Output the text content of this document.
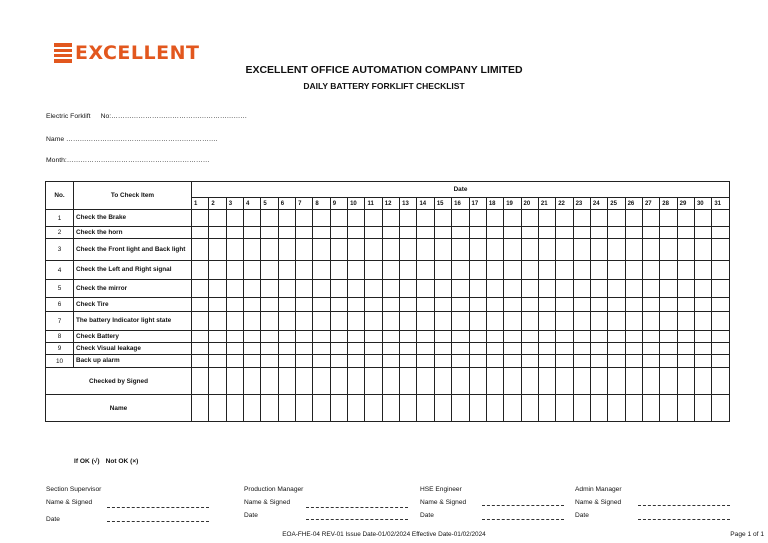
EXCELLENT
EXCELLENT OFFICE AUTOMATION COMPANY LIMITED
DAILY BATTERY FORKLIFT CHECKLIST
Electric Forklift No:……………………………………………………
Name ………………………………………………………….
Month:………………………………………………………
No.	To Check Item	Date																														
		1	2	3	4	5	6	7	8	9	10	11	12	13	14	15	16	17	18	19	20	21	22	23	24	25	26	27	28	29	30	31
1	Check the Brake																															
2	Check the horn																															
3	Check the Front light and Back light																															
4	Check the Left and Right signal																															
5	Check the mirror																															
6	Check Tire																															
7	The battery Indicator light state																															
8	Check Battery																															
9	Check Visual leakage																															
10	Back up alarm																															
Checked by Signed																																
Name																																
If OK (√) Not OK (×)
Section Supervisor
Name & Signed
Date
Production Manager
Name & Signed
Date
HSE Engineer
Name & Signed
Date
Admin Manager
Name & Signed
Date
EOA-FHE-04 REV-01 Issue Date-01/02/2024 Effective Date-01/02/2024	Page 1 of 1
